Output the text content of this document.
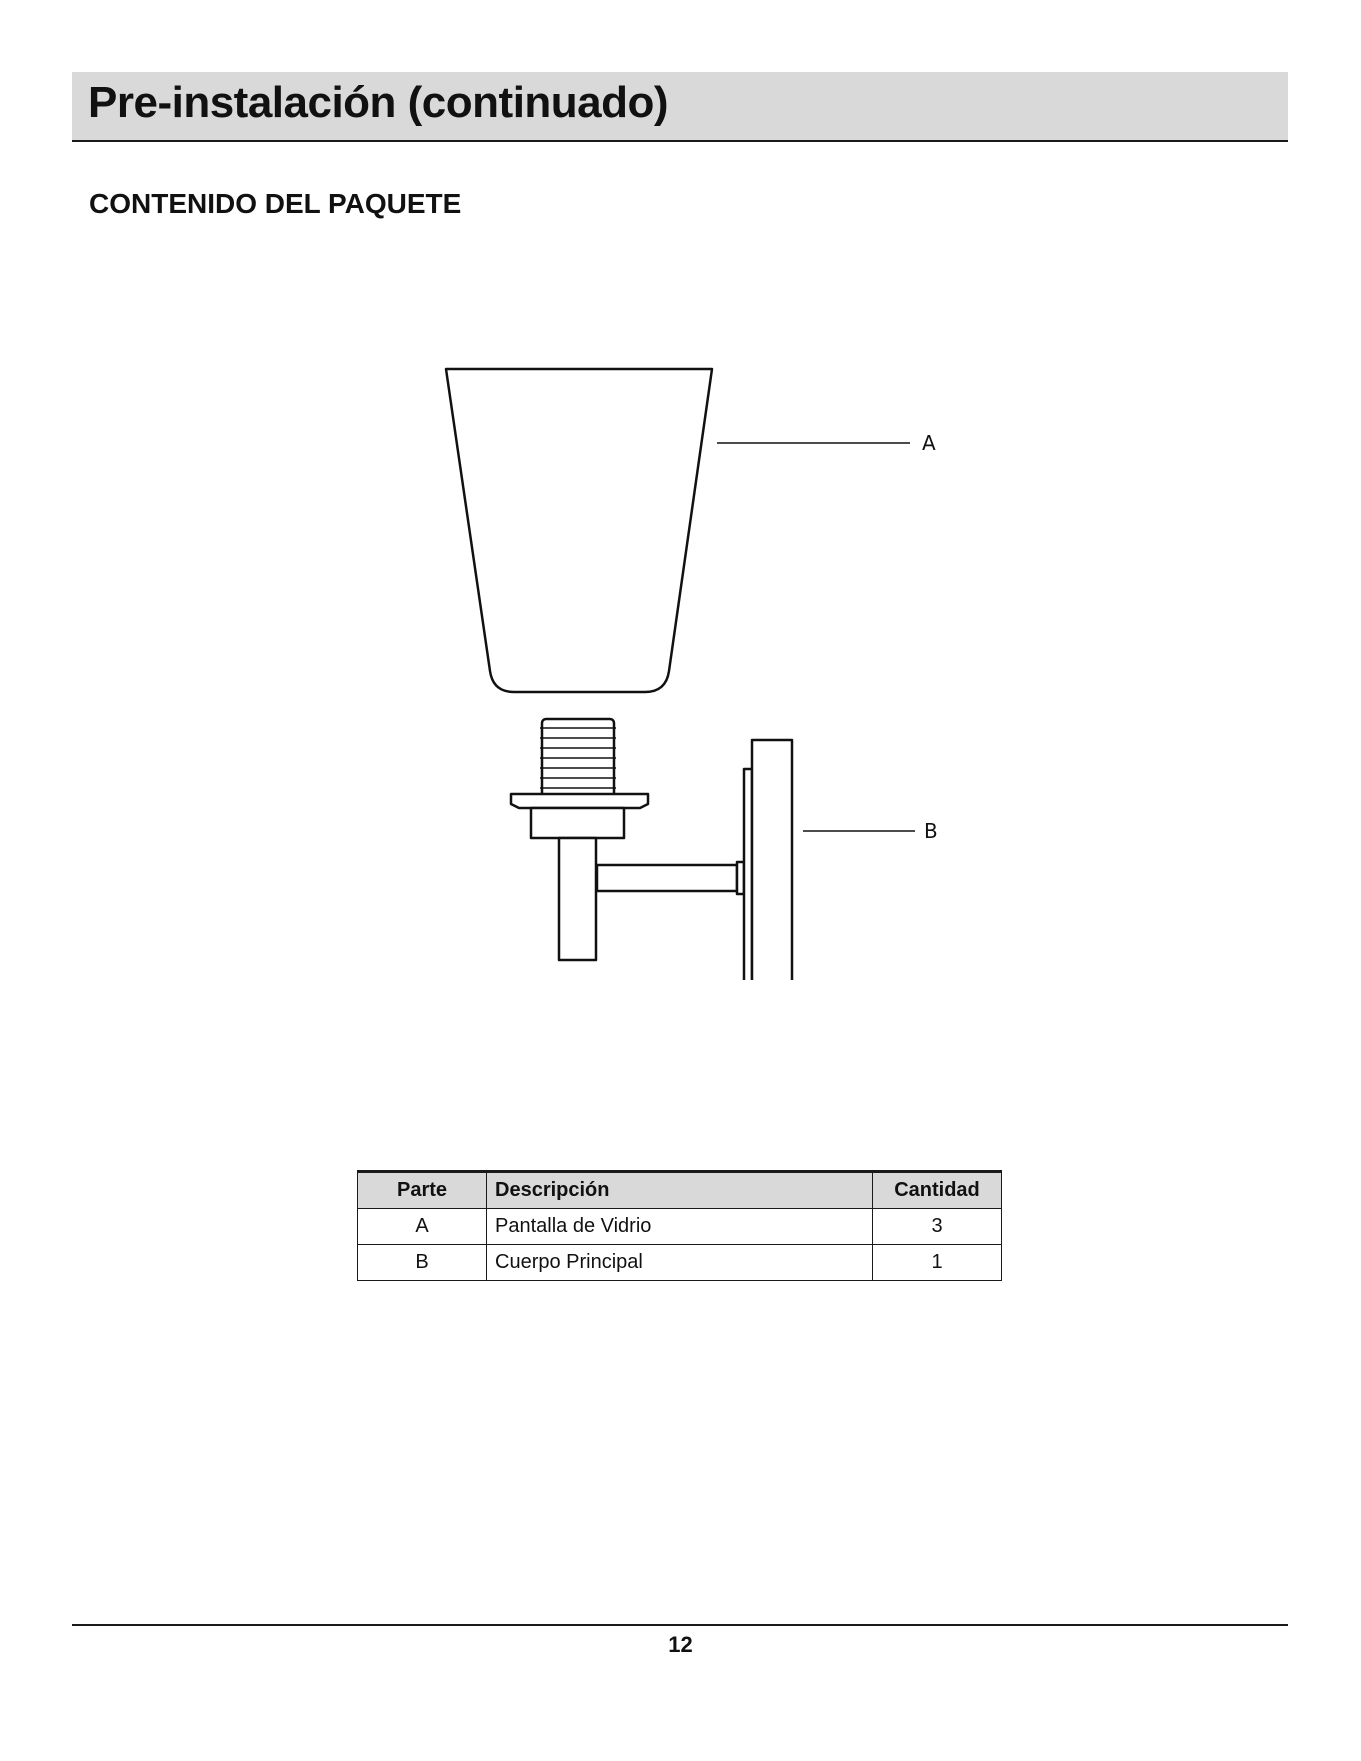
Pre-instalación (continuado)
CONTENIDO DEL PAQUETE
A
B
Parte	Descripción	Cantidad
A	Pantalla de Vidrio	3
B	Cuerpo Principal	1
12
